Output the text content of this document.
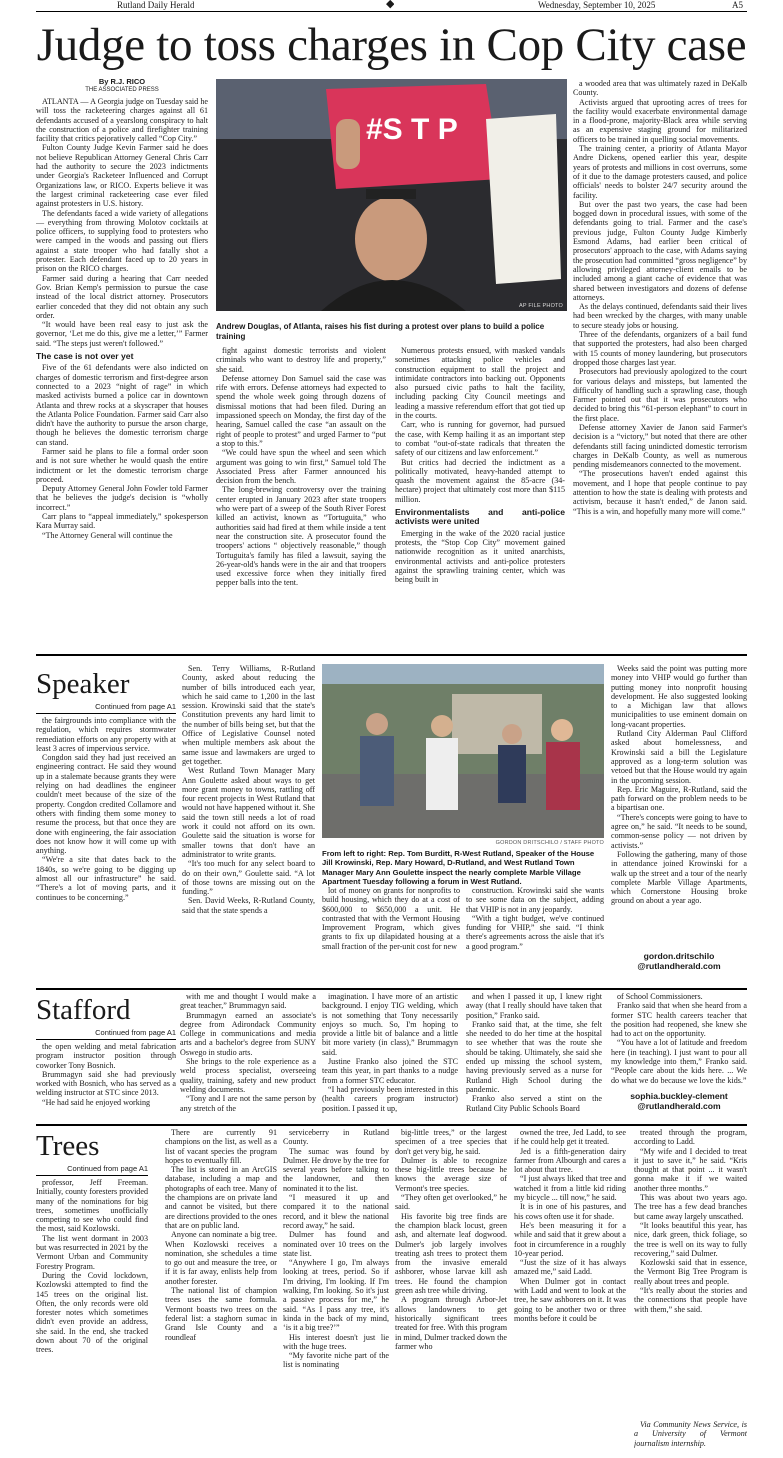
Rutland Daily Herald	◆	Wednesday, September 10, 2025	A5
Judge to toss charges in Cop City case
By R.J. RICO
THE ASSOCIATED PRESS

ATLANTA — A Georgia judge on Tuesday said he will toss the racketeering charges against all 61 defendants accused of a yearslong conspiracy to halt the construction of a police and firefighter training facility that critics pejoratively called “Cop City.”

Fulton County Judge Kevin Farmer said he does not believe Republican Attorney General Chris Carr had the authority to secure the 2023 indictments under Georgia's Racketeer Influenced and Corrupt Organizations law, or RICO. Experts believe it was the largest criminal racketeering case ever filed against protesters in U.S. history.

The defendants faced a wide variety of allegations — everything from throwing Molotov cocktails at police officers, to supplying food to protesters who were camped in the woods and passing out fliers against a state trooper who had fatally shot a protester. Each defendant faced up to 20 years in prison on the RICO charges.

Farmer said during a hearing that Carr needed Gov. Brian Kemp's permission to pursue the case instead of the local district attorney. Prosecutors earlier conceded that they did not obtain any such order.

“It would have been real easy to just ask the governor, ‘Let me do this, give me a letter,’” Farmer said. “The steps just weren't followed.”

The case is not over yet

Five of the 61 defendants were also indicted on charges of domestic terrorism and first-degree arson connected to a 2023 “night of rage” in which masked activists burned a police car in downtown Atlanta and threw rocks at a skyscraper that houses the Atlanta Police Foundation. Farmer said Carr also didn't have the authority to pursue the arson charge, though he believes the domestic terrorism charge can stand.

Farmer said he plans to file a formal order soon and is not sure whether he would quash the entire indictment or let the domestic terrorism charge proceed.

Deputy Attorney General John Fowler told Farmer that he believes the judge's decision is “wholly incorrect.”

Carr plans to “appeal immediately,” spokesperson Kara Murray said.

“The Attorney General will continue the

#S T P
AP FILE PHOTO
Andrew Douglas, of Atlanta, raises his fist during a protest over plans to build a police training

fight against domestic terrorists and violent criminals who want to destroy life and property,” she said.

Defense attorney Don Samuel said the case was rife with errors. Defense attorneys had expected to spend the whole week going through dozens of dismissal motions that had been filed. During an impassioned speech on Monday, the first day of the hearing, Samuel called the case “an assault on the right of people to protest” and urged Farmer to “put a stop to this.”

“We could have spun the wheel and seen which argument was going to win first,” Samuel told The Associated Press after Farmer announced his decision from the bench.

The long-brewing controversy over the training center erupted in January 2023 after state troopers who were part of a sweep of the South River Forest killed an activist, known as “Tortuguita,” who authorities said had fired at them while inside a tent near the construction site. A prosecutor found the troopers' actions “ objectively reasonable,” though Tortuguita's family has filed a lawsuit, saying the 26-year-old's hands were in the air and that troopers used excessive force when they initially fired pepper balls into the tent.

Numerous protests ensued, with masked vandals sometimes attacking police vehicles and construction equipment to stall the project and intimidate contractors into backing out. Opponents also pursued civic paths to halt the facility, including packing City Council meetings and leading a massive referendum effort that got tied up in the courts.

Carr, who is running for governor, had pursued the case, with Kemp hailing it as an important step to combat “out-of-state radicals that threaten the safety of our citizens and law enforcement.”

But critics had decried the indictment as a politically motivated, heavy-handed attempt to quash the movement against the 85-acre (34-hectare) project that ultimately cost more than $115 million.

Environmentalists and anti-police activists were united

Emerging in the wake of the 2020 racial justice protests, the “Stop Cop City” movement gained nationwide recognition as it united anarchists, environmental activists and anti-police protesters against the sprawling training center, which was being built in

a wooded area that was ultimately razed in DeKalb County.

Activists argued that uprooting acres of trees for the facility would exacerbate environmental damage in a flood-prone, majority-Black area while serving as an expensive staging ground for militarized officers to be trained in quelling social movements.

The training center, a priority of Atlanta Mayor Andre Dickens, opened earlier this year, despite years of protests and millions in cost overruns, some of it due to the damage protesters caused, and police officials' needs to bolster 24/7 security around the facility.

But over the past two years, the case had been bogged down in procedural issues, with some of the defendants going to trial. Farmer and the case's previous judge, Fulton County Judge Kimberly Esmond Adams, had earlier been critical of prosecutors' approach to the case, with Adams saying the prosecution had committed “gross negligence” by allowing privileged attorney-client emails to be included among a giant cache of evidence that was shared between investigators and dozens of defense attorneys.

As the delays continued, defendants said their lives had been wrecked by the charges, with many unable to secure steady jobs or housing.

Three of the defendants, organizers of a bail fund that supported the protesters, had also been charged with 15 counts of money laundering, but prosecutors dropped those charges last year.

Prosecutors had previously apologized to the court for various delays and missteps, but lamented the difficulty of handling such a sprawling case, though Farmer pointed out that it was prosecutors who decided to bring this “61-person elephant” to court in the first place.

Defense attorney Xavier de Janon said Farmer's decision is a “victory,” but noted that there are other defendants still facing unindicted domestic terrorism charges in DeKalb County, as well as numerous pending misdemeanors connected to the movement.

“The prosecutions haven't ended against this movement, and I hope that people continue to pay attention to how the state is dealing with protests and activism, because it hasn't ended,” de Janon said. “This is a win, and hopefully many more will come.”

Speaker
Continued from page A1

the fairgrounds into compliance with the regulation, which requires stormwater remediation efforts on any property with at least 3 acres of impervious service.

Congdon said they had just received an engineering contract. He said they wound up in a stalemate because grants they were relying on had deadlines the engineer couldn't meet because of the size of the property. Congdon credited Collamore and others with finding them some money to resume the process, but that once they are done with engineering, the fair association does not know how it will come up with anything.

“We're a site that dates back to the 1840s, so we're going to be digging up almost all our infrastructure” he said. “There's a lot of moving parts, and it continues to be concerning.”

Sen. Terry Williams, R-Rutland County, asked about reducing the number of bills introduced each year, which he said came to 1,200 in the last session. Krowinski said that the state's Constitution prevents any hard limit to the number of bills being set, but that the Office of Legislative Counsel noted when multiple members ask about the same issue and lawmakers are urged to get together.

West Rutland Town Manager Mary Ann Goulette asked about ways to get more grant money to towns, rattling off four recent projects in West Rutland that would not have happened without it. She said the town still needs a lot of road work it could not afford on its own. Goulette said the situation is worse for smaller towns that don't have an administrator to write grants.

“It's too much for any select board to do on their own,” Goulette said. “A lot of those towns are missing out on the funding.”

Sen. David Weeks, R-Rutland County, said that the state spends a

GORDON DRITSCHILO / STAFF PHOTO
From left to right: Rep. Tom Burditt, R-West Rutland, Speaker of the House Jill Krowinski, Rep. Mary Howard, D-Rutland, and West Rutland Town Manager Mary Ann Goulette inspect the nearly complete Marble Village Apartment Tuesday following a forum in West Rutland.

lot of money on grants for nonprofits to build housing, which they do at a cost of $600,000 to $650,000 a unit. He contrasted that with the Vermont Housing Improvement Program, which gives grants to fix up dilapidated housing at a small fraction of the per-unit cost for new

construction. Krowinski said she wants to see some data on the subject, adding that VHIP is not in any jeopardy.

“With a tight budget, we've continued funding for VHIP,” she said. “I think there's agreements across the aisle that it's a good program.”

Weeks said the point was putting more money into VHIP would go further than putting money into nonprofit housing development. He also suggested looking to a Michigan law that allows municipalities to use eminent domain on long-vacant properties.

Rutland City Alderman Paul Clifford asked about homelessness, and Krowinski said a bill the Legislature approved as a long-term solution was vetoed but that the House would try again in the upcoming session.

Rep. Eric Maguire, R-Rutland, said the path forward on the problem needs to be a bipartisan one.

“There's concepts were going to have to agree on,” he said. “It needs to be sound, common-sense policy — not driven by activists.”

Following the gathering, many of those in attendance joined Krowinski for a walk up the street and a tour of the nearly complete Marble Village Apartments, which Cornerstone Housing broke ground on about a year ago.

gordon.dritschilo
@rutlandherald.com
Stafford
Continued from page A1

the open welding and metal fabrication program instructor position through coworker Tony Bosnich.

Brummagyn said she had previously worked with Bosnich, who has served as a welding instructor at STC since 2013.

“He had said he enjoyed working

with me and thought I would make a great teacher,” Brummagyn said.

Brummagyn earned an associate's degree from Adirondack Community College in communications and media arts and a bachelor's degree from SUNY Oswego in studio arts.

She brings to the role experience as a weld process specialist, overseeing quality, training, safety and new product welding documents.

“Tony and I are not the same person by any stretch of the

imagination. I have more of an artistic background. I enjoy TIG welding, which is not something that Tony necessarily enjoys so much. So, I'm hoping to provide a little bit of balance and a little bit more variety (in class),” Brummagyn said.

Justine Franko also joined the STC team this year, in part thanks to a nudge from a former STC educator.

“I had previously been interested in this (health careers program instructor) position. I passed it up,

and when I passed it up, I knew right away (that I really should have taken that position,” Franko said.

Franko said that, at the time, she felt she needed to do her time at the hospital to see whether that was the route she should be taking. Ultimately, she said she ended up missing the school system, having previously served as a nurse for Rutland High School during the pandemic.

Franko also served a stint on the Rutland City Public Schools Board

of School Commissioners.

Franko said that when she heard from a former STC health careers teacher that the position had reopened, she knew she had to act on the opportunity.

“You have a lot of latitude and freedom here (in teaching). I just want to pour all my knowledge into them,” Franko said. “People care about the kids here. ... We do what we do because we love the kids.”

sophia.buckley-clement
@rutlandherald.com
Trees
Continued from page A1

professor, Jeff Freeman. Initially, county foresters provided many of the nominations for big trees, sometimes unofficially competing to see who could find the most, said Kozlowski.

The list went dormant in 2003 but was resurrected in 2021 by the Vermont Urban and Community Forestry Program.

During the Covid lockdown, Kozlowski attempted to find the 145 trees on the original list. Often, the only records were old forester notes which sometimes didn't even provide an address, she said. In the end, she tracked down about 70 of the original trees.

There are currently 91 champions on the list, as well as a list of vacant species the program hopes to eventually fill.

The list is stored in an ArcGIS database, including a map and photographs of each tree. Many of the champions are on private land and cannot be visited, but there are directions provided to the ones that are on public land.

Anyone can nominate a big tree. When Kozlowski receives a nomination, she schedules a time to go out and measure the tree, or if it is far away, enlists help from another forester.

The national list of champion trees uses the same formula. Vermont boasts two trees on the federal list: a staghorn sumac in Grand Isle County and a roundleaf

serviceberry in Rutland County.

The sumac was found by Dulmer. He drove by the tree for several years before talking to the landowner, and then nominated it to the list.

“I measured it up and compared it to the national record, and it blew the national record away,” he said.

Dulmer has found and nominated over 10 trees on the state list.

“Anywhere I go, I'm always looking at trees, period. So if I'm driving, I'm looking. If I'm walking, I'm looking. So it's just a passive process for me,” he said. “As I pass any tree, it's kinda in the back of my mind, ‘is it a big tree?’”

His interest doesn't just lie with the huge trees.

“My favorite niche part of the list is nominating

big-little trees,” or the largest specimen of a tree species that don't get very big, he said.

Dulmer is able to recognize these big-little trees because he knows the average size of Vermont's tree species.

“They often get overlooked,” he said.

His favorite big tree finds are the champion black locust, green ash, and alternate leaf dogwood. Dulmer's job largely involves treating ash trees to protect them from the invasive emerald ashborer, whose larvae kill ash trees. He found the champion green ash tree while driving.

A program through Arbor-Jet allows landowners to get historically significant trees treated for free. With this program in mind, Dulmer tracked down the farmer who

owned the tree, Jed Ladd, to see if he could help get it treated.

Jed is a fifth-generation dairy farmer from Albourgh and cares a lot about that tree.

“I just always liked that tree and watched it from a little kid riding my bicycle ... till now,” he said.

It is in one of his pastures, and his cows often use it for shade.

He's been measuring it for a while and said that it grew about a foot in circumference in a roughly 10-year period.

“Just the size of it has always amazed me,” said Ladd.

When Dulmer got in contact with Ladd and went to look at the tree, he saw ashborers on it. It was going to be another two or three months before it could be

treated through the program, according to Ladd.

“My wife and I decided to treat it just to save it,” he said. “Kris thought at that point ... it wasn't gonna make it if we waited another three months.”

This was about two years ago. The tree has a few dead branches but came away largely unscathed.

“It looks beautiful this year, has nice, dark green, thick foliage, so the tree is well on its way to fully recovering,” said Dulmer.

Kozlowski said that in essence, the Vermont Big Tree Program is really about trees and people.

“It's really about the stories and the connections that people have with them,” she said.

Via Community News Service, is a University of Vermont journalism internship.
